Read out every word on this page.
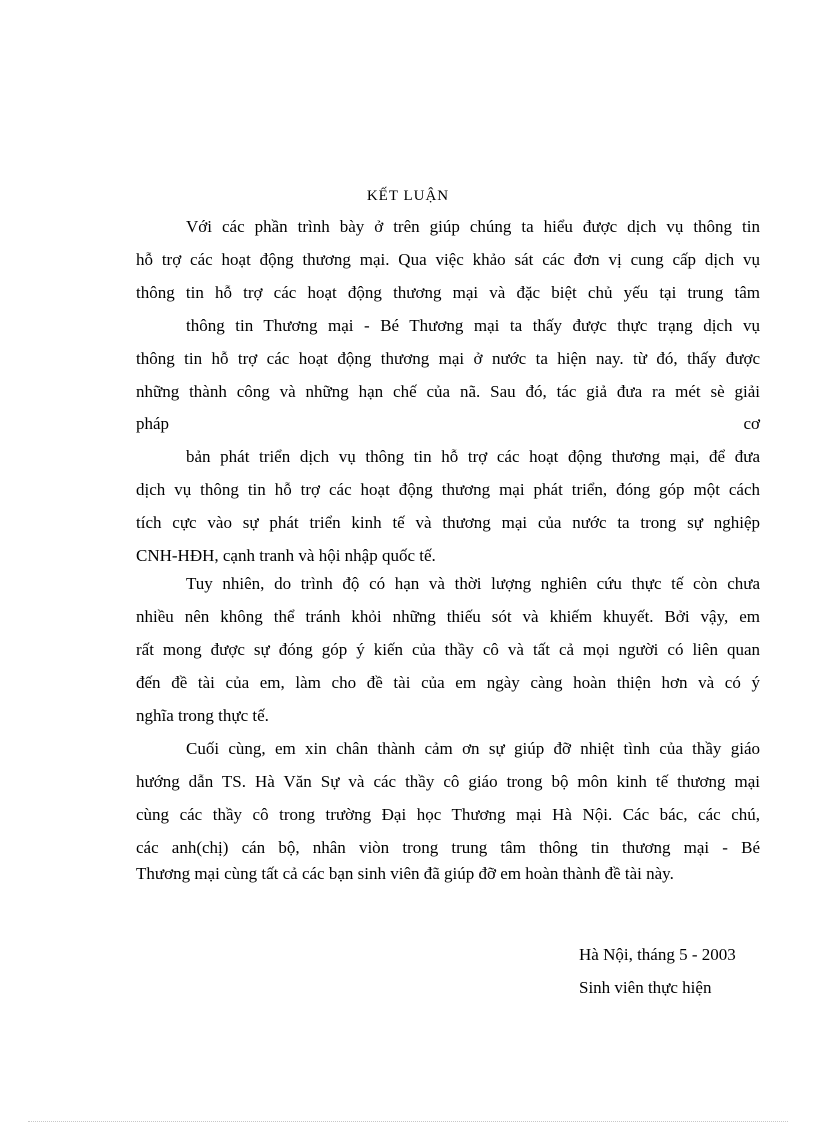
KẾT LUẬN
Với các phần trình bày ở trên giúp chúng ta hiểu được dịch vụ thông tin
hỗ trợ các hoạt động thương mại. Qua việc khảo sát các đơn vị cung cấp dịch vụ
thông tin hỗ trợ các hoạt động thương mại và đặc biệt chủ yếu tại trung tâm
thông tin Thương mại - Bé Thương mại ta thấy được thực trạng dịch vụ
thông tin hỗ trợ các hoạt động thương mại ở nước ta hiện nay. từ đó, thấy được
những thành công và những hạn chế của nã. Sau đó, tác giả đưa ra mét sè giải
pháp	cơ
bản phát triển dịch vụ thông tin hỗ trợ các hoạt động thương mại, để đưa
dịch vụ thông tin hỗ trợ các hoạt động thương mại phát triển, đóng góp một cách
tích cực vào sự phát triển kinh tế và thương mại của nước ta trong sự nghiệp
CNH-HĐH, cạnh tranh và hội nhập quốc tế.
Tuy nhiên, do trình độ có hạn và thời lượng nghiên cứu thực tế còn chưa
nhiều nên không thể tránh khỏi những thiếu sót và khiếm khuyết. Bởi vậy, em
rất mong được sự đóng góp ý kiến của thầy cô và tất cả mọi người có liên quan
đến đề tài của em, làm cho đề tài của em ngày càng hoàn thiện hơn và có ý
nghĩa trong thực tế.
Cuối cùng, em xin chân thành cảm ơn sự giúp đỡ nhiệt tình của thầy giáo
hướng dẫn TS. Hà Văn Sự và các thầy cô giáo trong bộ môn kinh tế thương mại
cùng các thầy cô trong trường Đại học Thương mại Hà Nội. Các bác, các chú,
các anh(chị) cán bộ, nhân viòn trong trung tâm thông tin thương mại - Bé
Thương mại cùng tất cả các bạn sinh viên đã giúp đỡ em hoàn thành đề tài này.
Hà Nội, tháng 5 - 2003
Sinh viên thực hiện
